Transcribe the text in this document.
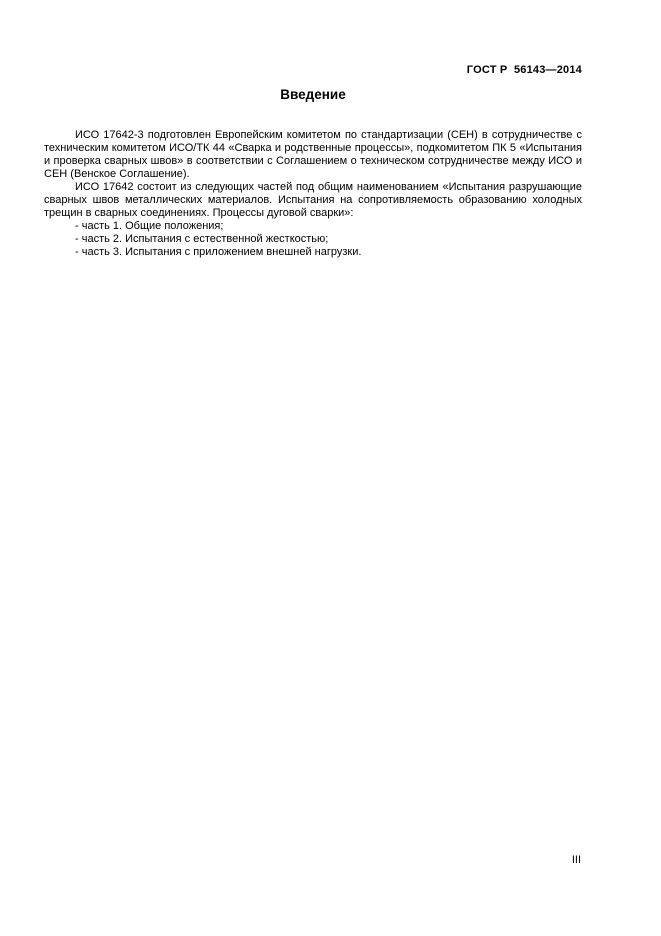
ГОСТ Р  56143—2014
Введение

ИСО 17642-3 подготовлен Европейским комитетом по стандартизации (СЕН) в сотрудничестве с техническим комитетом ИСО/ТК 44 «Сварка и родственные процессы», подкомитетом ПК 5 «Испытания и проверка сварных швов» в соответствии с Соглашением о техническом сотрудничестве между ИСО и СЕН (Венское Соглашение).

ИСО 17642 состоит из следующих частей под общим наименованием «Испытания разрушающие сварных швов металлических материалов. Испытания на сопротивляемость образованию холодных трещин в сварных соединениях. Процессы дуговой сварки»:

- часть 1. Общие положения;
- часть 2. Испытания с естественной жесткостью;
- часть 3. Испытания с приложением внешней нагрузки.
III
